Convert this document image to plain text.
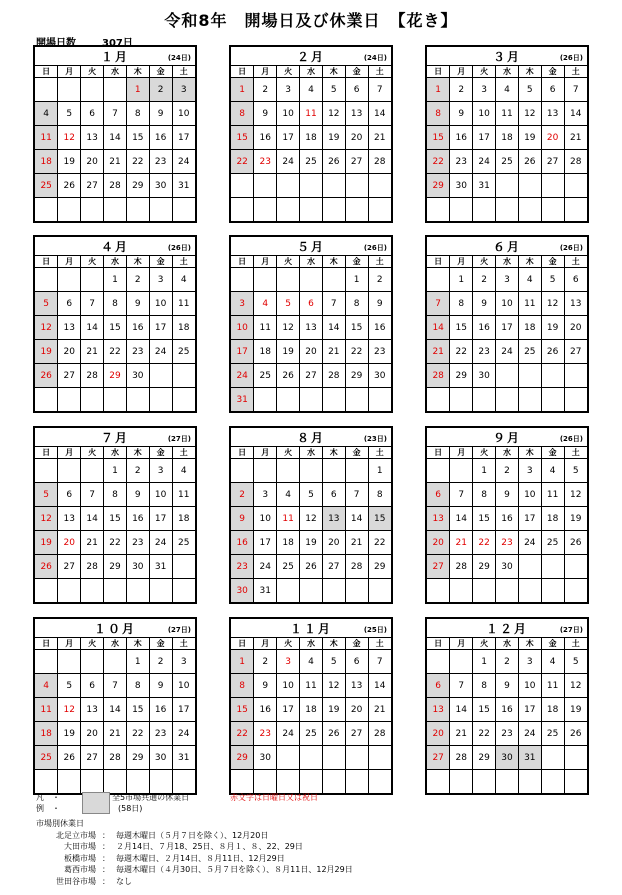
令和8年　開場日及び休業日　【花き】
開場日数	307日
１月	(24日)
日	月	火	水	木	金	土
				1	2	3
4	5	6	7	8	9	10
11	12	13	14	15	16	17
18	19	20	21	22	23	24
25	26	27	28	29	30	31

２月	(24日)
日	月	火	水	木	金	土
1	2	3	4	5	6	7
8	9	10	11	12	13	14
15	16	17	18	19	20	21
22	23	24	25	26	27	28

３月	(26日)
日	月	火	水	木	金	土
1	2	3	4	5	6	7
8	9	10	11	12	13	14
15	16	17	18	19	20	21
22	23	24	25	26	27	28
29	30	31				

４月	(26日)
日	月	火	水	木	金	土
			1	2	3	4
5	6	7	8	9	10	11
12	13	14	15	16	17	18
19	20	21	22	23	24	25
26	27	28	29	30		

５月	(26日)
日	月	火	水	木	金	土
					1	2
3	4	5	6	7	8	9
10	11	12	13	14	15	16
17	18	19	20	21	22	23
24	25	26	27	28	29	30
31						
６月	(26日)
日	月	火	水	木	金	土
	1	2	3	4	5	6
7	8	9	10	11	12	13
14	15	16	17	18	19	20
21	22	23	24	25	26	27
28	29	30				

７月	(27日)
日	月	火	水	木	金	土
			1	2	3	4
5	6	7	8	9	10	11
12	13	14	15	16	17	18
19	20	21	22	23	24	25
26	27	28	29	30	31	

８月	(23日)
日	月	火	水	木	金	土
						1
2	3	4	5	6	7	8
9	10	11	12	13	14	15
16	17	18	19	20	21	22
23	24	25	26	27	28	29
30	31					
９月	(26日)
日	月	火	水	木	金	土
		1	2	3	4	5
6	7	8	9	10	11	12
13	14	15	16	17	18	19
20	21	22	23	24	25	26
27	28	29	30			

１０月	(27日)
日	月	火	水	木	金	土
				1	2	3
4	5	6	7	8	9	10
11	12	13	14	15	16	17
18	19	20	21	22	23	24
25	26	27	28	29	30	31

１１月	(25日)
日	月	火	水	木	金	土
1	2	3	4	5	6	7
8	9	10	11	12	13	14
15	16	17	18	19	20	21
22	23	24	25	26	27	28
29	30					

１２月	(27日)
日	月	火	水	木	金	土
		1	2	3	4	5
6	7	8	9	10	11	12
13	14	15	16	17	18	19
20	21	22	23	24	25	26
27	28	29	30	31		

凡　・
例　・
全5市場共通の休業日
(58日)
赤文字は日曜日又は祝日
市場別休業日
北足立市場 ： 毎週木曜日（５月７日を除く）、12月20日
大田市場 ： ２月14日、７月18、25日、８月１、８、22、29日
板橋市場 ： 毎週木曜日、２月14日、８月11日、12月29日
葛西市場 ： 毎週木曜日（４月30日、５月７日を除く）、８月11日、12月29日
世田谷市場 ： なし
